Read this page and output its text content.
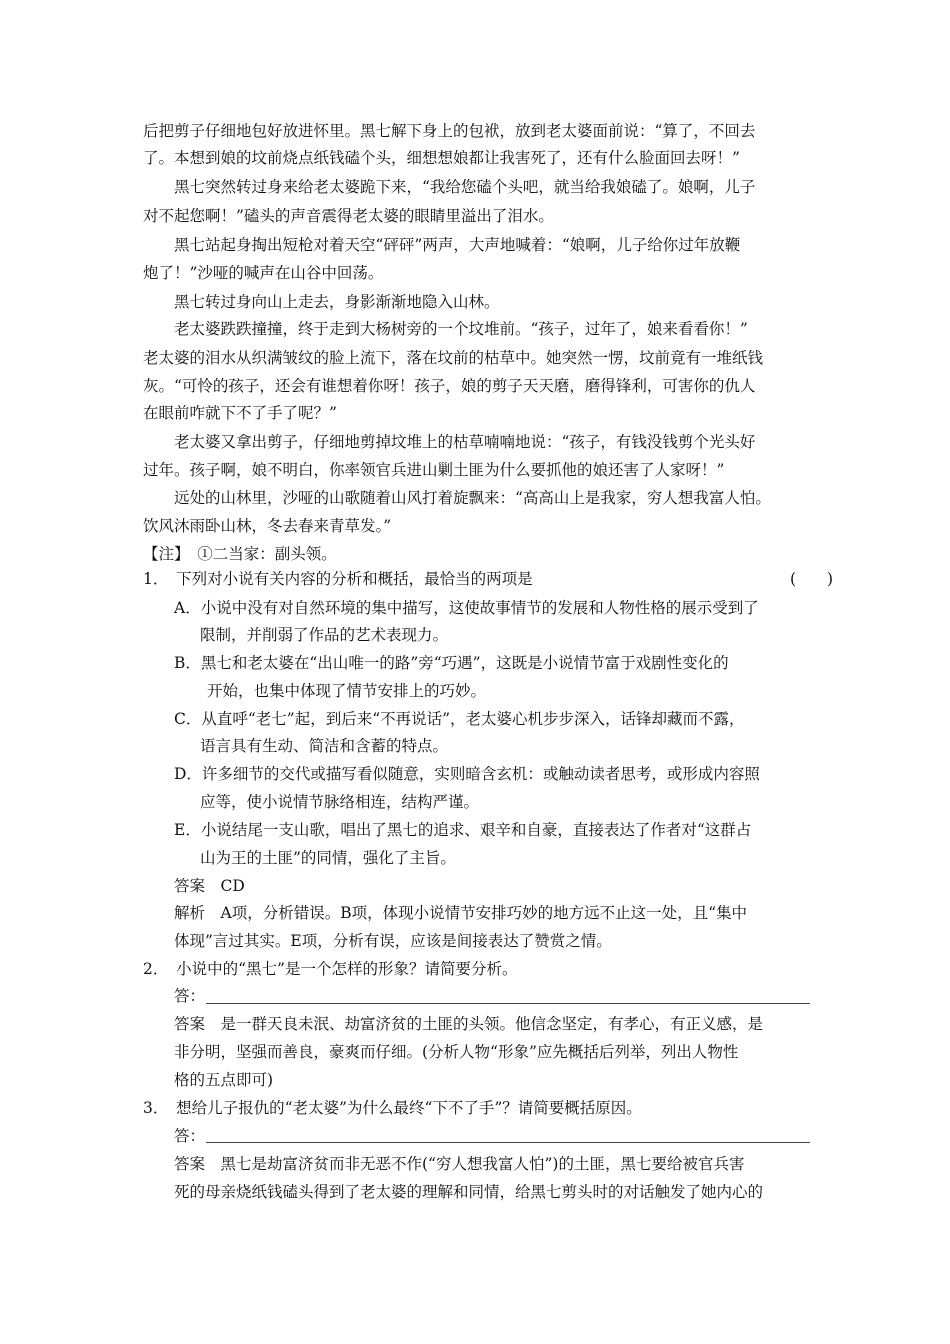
后把剪子仔细地包好放进怀里。黑七解下身上的包袱，放到老太婆面前说：“算了，不回去
了。本想到娘的坟前烧点纸钱磕个头，细想想娘都让我害死了，还有什么脸面回去呀！”
黑七突然转过身来给老太婆跪下来，“我给您磕个头吧，就当给我娘磕了。娘啊，儿子
对不起您啊！”磕头的声音震得老太婆的眼睛里溢出了泪水。
黑七站起身掏出短枪对着天空“砰砰”两声，大声地喊着：“娘啊，儿子给你过年放鞭
炮了！”沙哑的喊声在山谷中回荡。
黑七转过身向山上走去，身影渐渐地隐入山林。
老太婆跌跌撞撞，终于走到大杨树旁的一个坟堆前。“孩子，过年了，娘来看看你！”
老太婆的泪水从织满皱纹的脸上流下，落在坟前的枯草中。她突然一愣，坟前竟有一堆纸钱
灰。“可怜的孩子，还会有谁想着你呀！孩子，娘的剪子天天磨，磨得锋利，可害你的仇人
在眼前咋就下不了手了呢？”
老太婆又拿出剪子，仔细地剪掉坟堆上的枯草喃喃地说：“孩子，有钱没钱剪个光头好
过年。孩子啊，娘不明白，你率领官兵进山剿土匪为什么要抓他的娘还害了人家呀！”
远处的山林里，沙哑的山歌随着山风打着旋飘来：“高高山上是我家，穷人想我富人怕。
饮风沐雨卧山林，冬去春来青草发。”
【注】　①二当家：副头领。
1．　下列对小说有关内容的分析和概括，最恰当的两项是	(　　)
A．小说中没有对自然环境的集中描写，这使故事情节的发展和人物性格的展示受到了
限制，并削弱了作品的艺术表现力。
B．黑七和老太婆在“出山唯一的路”旁“巧遇”，这既是小说情节富于戏剧性变化的
开始，也集中体现了情节安排上的巧妙。
C．从直呼“老七”起，到后来“不再说话”，老太婆心机步步深入，话锋却藏而不露，
语言具有生动、简洁和含蓄的特点。
D．许多细节的交代或描写看似随意，实则暗含玄机：或触动读者思考，或形成内容照
应等，使小说情节脉络相连，结构严谨。
E．小说结尾一支山歌，唱出了黑七的追求、艰辛和自豪，直接表达了作者对“这群占
山为王的土匪”的同情，强化了主旨。
答案　CD
解析　A项，分析错误。B项，体现小说情节安排巧妙的地方远不止这一处，且“集中
体现”言过其实。E项，分析有误，应该是间接表达了赞赏之情。
2．　小说中的“黑七”是一个怎样的形象？请简要分析。
答：
答案　是一群天良未泯、劫富济贫的土匪的头领。他信念坚定，有孝心，有正义感，是
非分明，坚强而善良，豪爽而仔细。(分析人物“形象”应先概括后列举，列出人物性
格的五点即可)
3．　想给儿子报仇的“老太婆”为什么最终“下不了手”？请简要概括原因。
答：
答案　黑七是劫富济贫而非无恶不作(“穷人想我富人怕”)的土匪，黑七要给被官兵害
死的母亲烧纸钱磕头得到了老太婆的理解和同情，给黑七剪头时的对话触发了她内心的
